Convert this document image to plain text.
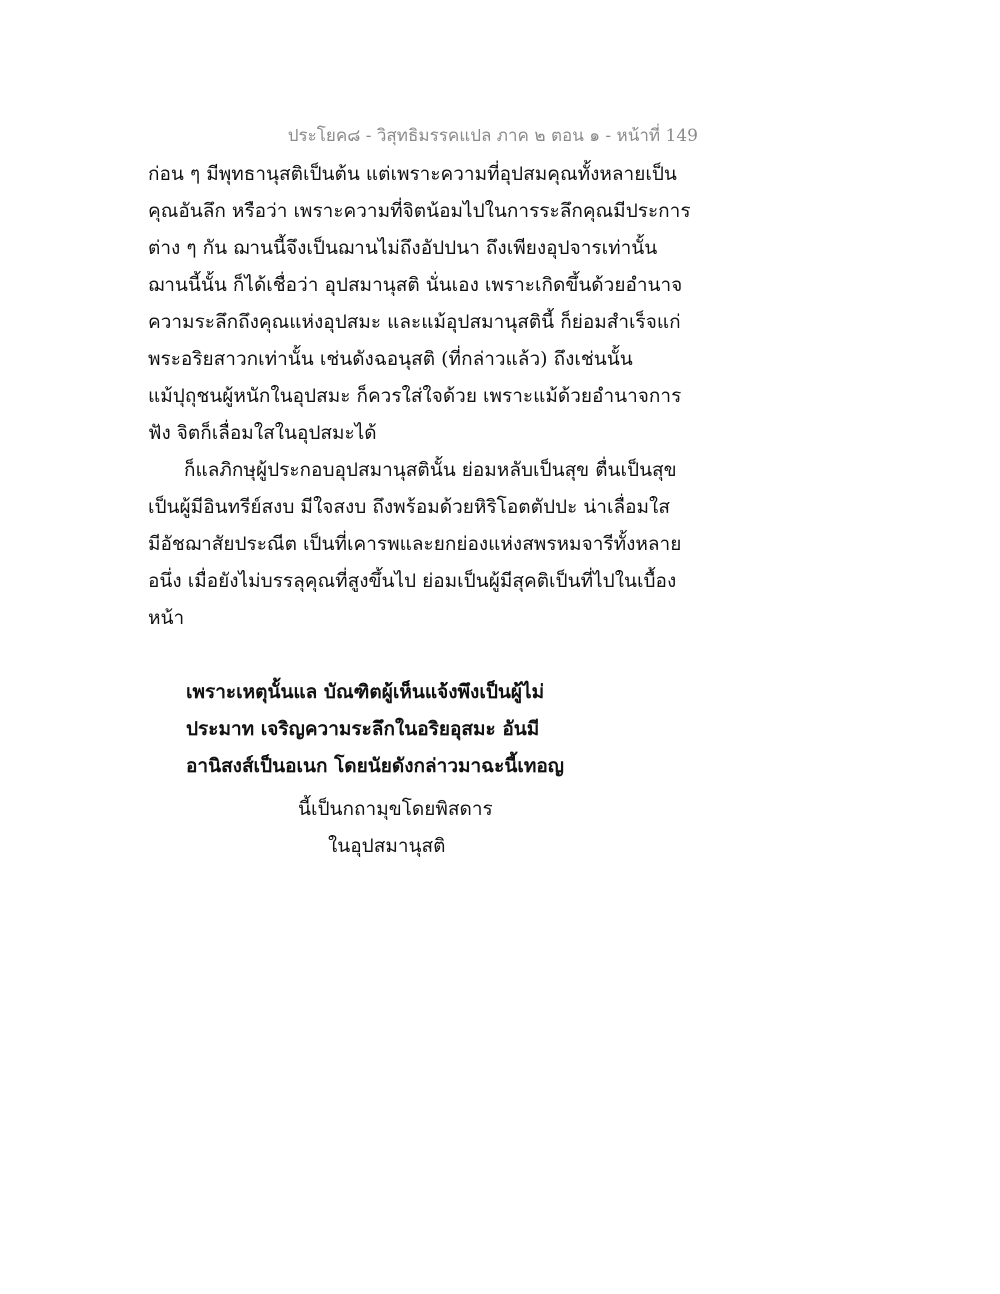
ประโยค๘ - วิสุทธิมรรคแปล ภาค ๒ ตอน ๑ - หน้าที่ 149
ก่อน ๆ มีพุทธานุสติเป็นต้น แต่เพราะความที่อุปสมคุณทั้งหลายเป็น
คุณอันลึก หรือว่า เพราะความที่จิตน้อมไปในการระลึกคุณมีประการ
ต่าง ๆ กัน ฌานนี้จึงเป็นฌานไม่ถึงอัปปนา ถึงเพียงอุปจารเท่านั้น
ฌานนี้นั้น ก็ได้เชื่อว่า อุปสมานุสติ นั่นเอง เพราะเกิดขึ้นด้วยอำนาจ
ความระลึกถึงคุณแห่งอุปสมะ และแม้อุปสมานุสตินี้ ก็ย่อมสำเร็จแก่
พระอริยสาวกเท่านั้น เช่นดังฉอนุสติ (ที่กล่าวแล้ว) ถึงเช่นนั้น
แม้ปุถุชนผู้หนักในอุปสมะ ก็ควรใส่ใจด้วย เพราะแม้ด้วยอำนาจการ
ฟัง จิตก็เลื่อมใสในอุปสมะได้
ก็แลภิกษุผู้ประกอบอุปสมานุสตินั้น ย่อมหลับเป็นสุข ตื่นเป็นสุข
เป็นผู้มีอินทรีย์สงบ มีใจสงบ ถึงพร้อมด้วยหิริโอตตัปปะ น่าเลื่อมใส
มีอัชฌาสัยประณีต เป็นที่เคารพและยกย่องแห่งสพรหมจารีทั้งหลาย
อนึ่ง เมื่อยังไม่บรรลุคุณที่สูงขึ้นไป ย่อมเป็นผู้มีสุคติเป็นที่ไปในเบื้อง
หน้า
เพราะเหตุนั้นแล บัณฑิตผู้เห็นแจ้งพึงเป็นผู้ไม่
ประมาท เจริญความระลึกในอริยอุสมะ อันมี
อานิสงส์เป็นอเนก โดยนัยดังกล่าวมาฉะนี้เทอญ
นี้เป็นกถามุขโดยพิสดาร
ในอุปสมานุสติ
